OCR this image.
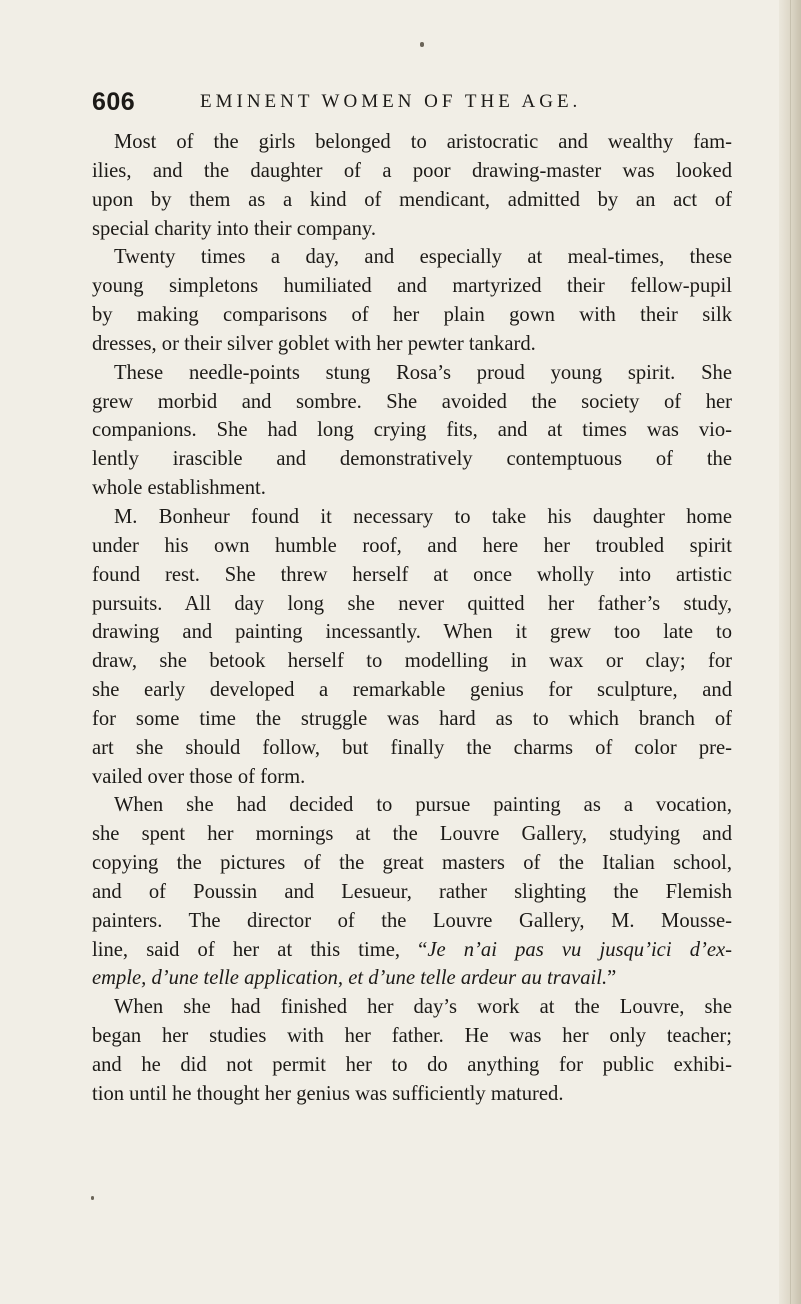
606	EMINENT WOMEN OF THE AGE.

Most of the girls belonged to aristocratic and wealthy fam-
ilies, and the daughter of a poor drawing-master was looked
upon by them as a kind of mendicant, admitted by an act of
special charity into their company.

Twenty times a day, and especially at meal-times, these
young simpletons humiliated and martyrized their fellow-pupil
by making comparisons of her plain gown with their silk
dresses, or their silver goblet with her pewter tankard.

These needle-points stung Rosa’s proud young spirit. She
grew morbid and sombre. She avoided the society of her
companions. She had long crying fits, and at times was vio-
lently irascible and demonstratively contemptuous of the
whole establishment.

M. Bonheur found it necessary to take his daughter home
under his own humble roof, and here her troubled spirit
found rest. She threw herself at once wholly into artistic
pursuits. All day long she never quitted her father’s study,
drawing and painting incessantly. When it grew too late to
draw, she betook herself to modelling in wax or clay; for
she early developed a remarkable genius for sculpture, and
for some time the struggle was hard as to which branch of
art she should follow, but finally the charms of color pre-
vailed over those of form.

When she had decided to pursue painting as a vocation,
she spent her mornings at the Louvre Gallery, studying and
copying the pictures of the great masters of the Italian school,
and of Poussin and Lesueur, rather slighting the Flemish
painters. The director of the Louvre Gallery, M. Mousse-
line, said of her at this time, “Je n’ai pas vu jusqu’ici d’ex-
emple, d’une telle application, et d’une telle ardeur au travail.”

When she had finished her day’s work at the Louvre, she
began her studies with her father. He was her only teacher;
and he did not permit her to do anything for public exhibi-
tion until he thought her genius was sufficiently matured.
